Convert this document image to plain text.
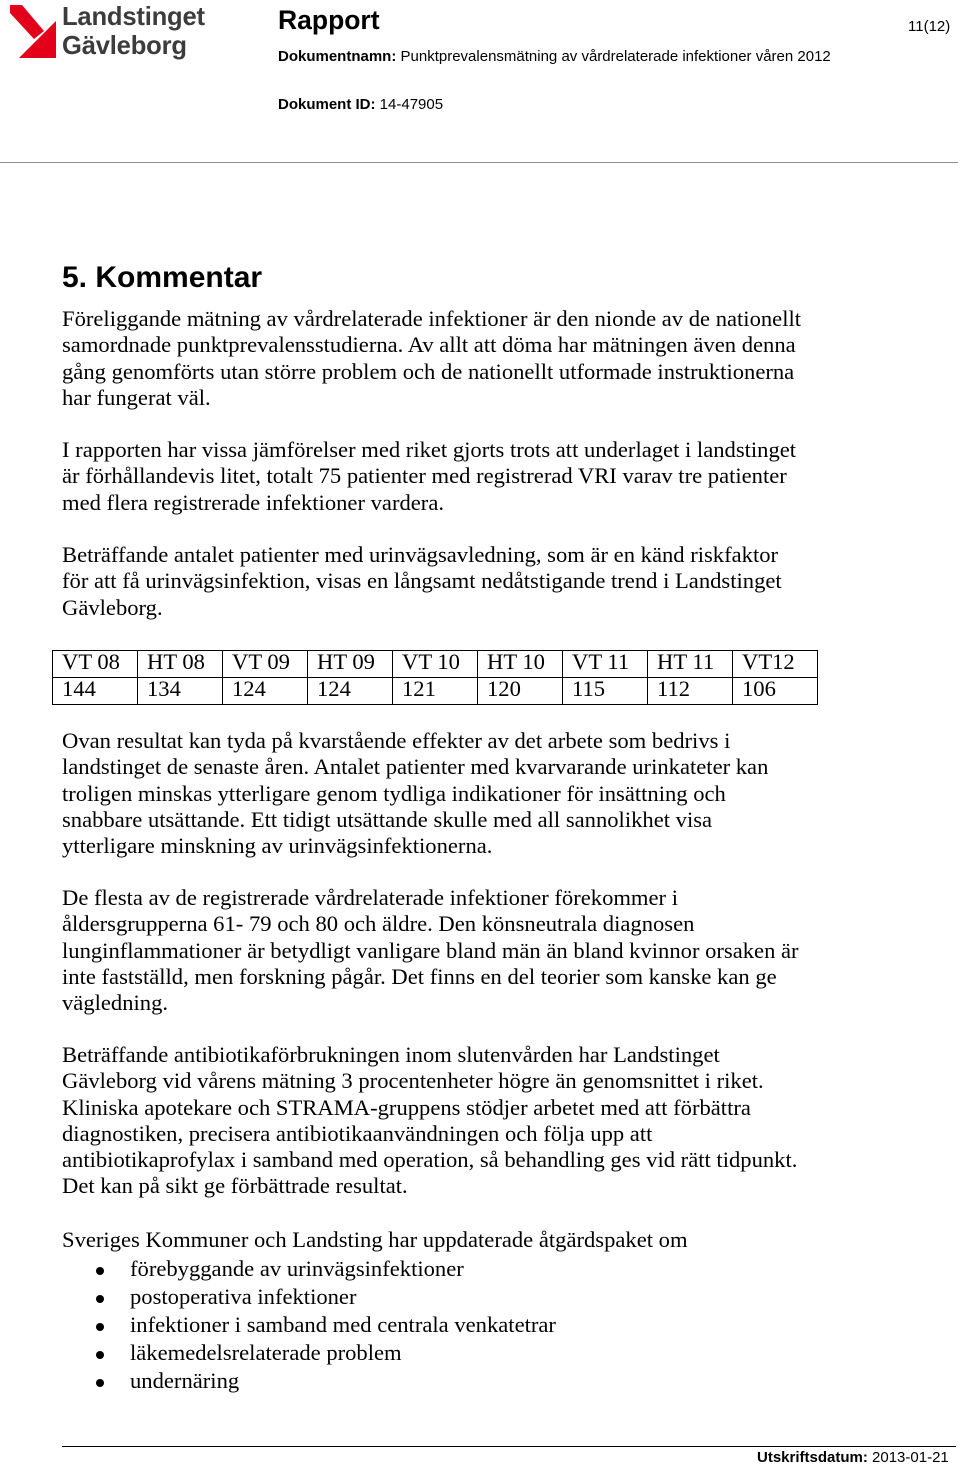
Landstinget
Gävleborg
Rapport	11(12)
Dokumentnamn: Punktprevalensmätning av vårdrelaterade infektioner våren 2012
Dokument ID: 14-47905
5. Kommentar
Föreliggande mätning av vårdrelaterade infektioner är den nionde av de nationellt
samordnade punktprevalensstudierna. Av allt att döma har mätningen även denna
gång genomförts utan större problem och de nationellt utformade instruktionerna
har fungerat väl.
I rapporten har vissa jämförelser med riket gjorts trots att underlaget i landstinget
är förhållandevis litet, totalt 75 patienter med registrerad VRI varav tre patienter
med flera registrerade infektioner vardera.
Beträffande antalet patienter med urinvägsavledning, som är en känd riskfaktor
för att få urinvägsinfektion, visas en långsamt nedåtstigande trend i Landstinget
Gävleborg.
VT 08	HT 08	VT 09	HT 09	VT 10	HT 10	VT 11	HT 11	VT12
144	134	124	124	121	120	115	112	106
Ovan resultat kan tyda på kvarstående effekter av det arbete som bedrivs i
landstinget de senaste åren. Antalet patienter med kvarvarande urinkateter kan
troligen minskas ytterligare genom tydliga indikationer för insättning och
snabbare utsättande. Ett tidigt utsättande skulle med all sannolikhet visa
ytterligare minskning av urinvägsinfektionerna.
De flesta av de registrerade vårdrelaterade infektioner förekommer i
åldersgrupperna 61- 79 och 80 och äldre. Den könsneutrala diagnosen
lunginflammationer är betydligt vanligare bland män än bland kvinnor orsaken är
inte fastställd, men forskning pågår. Det finns en del teorier som kanske kan ge
vägledning.
Beträffande antibiotikaförbrukningen inom slutenvården har Landstinget
Gävleborg vid vårens mätning 3 procentenheter högre än genomsnittet i riket.
Kliniska apotekare och STRAMA-gruppens stödjer arbetet med att förbättra
diagnostiken, precisera antibiotikaanvändningen och följa upp att
antibiotikaprofylax i samband med operation, så behandling ges vid rätt tidpunkt.
Det kan på sikt ge förbättrade resultat.
Sveriges Kommuner och Landsting har uppdaterade åtgärdspaket om
förebyggande av urinvägsinfektioner
postoperativa infektioner
infektioner i samband med centrala venkatetrar
läkemedelsrelaterade problem
undernäring
Utskriftsdatum: 2013-01-21
